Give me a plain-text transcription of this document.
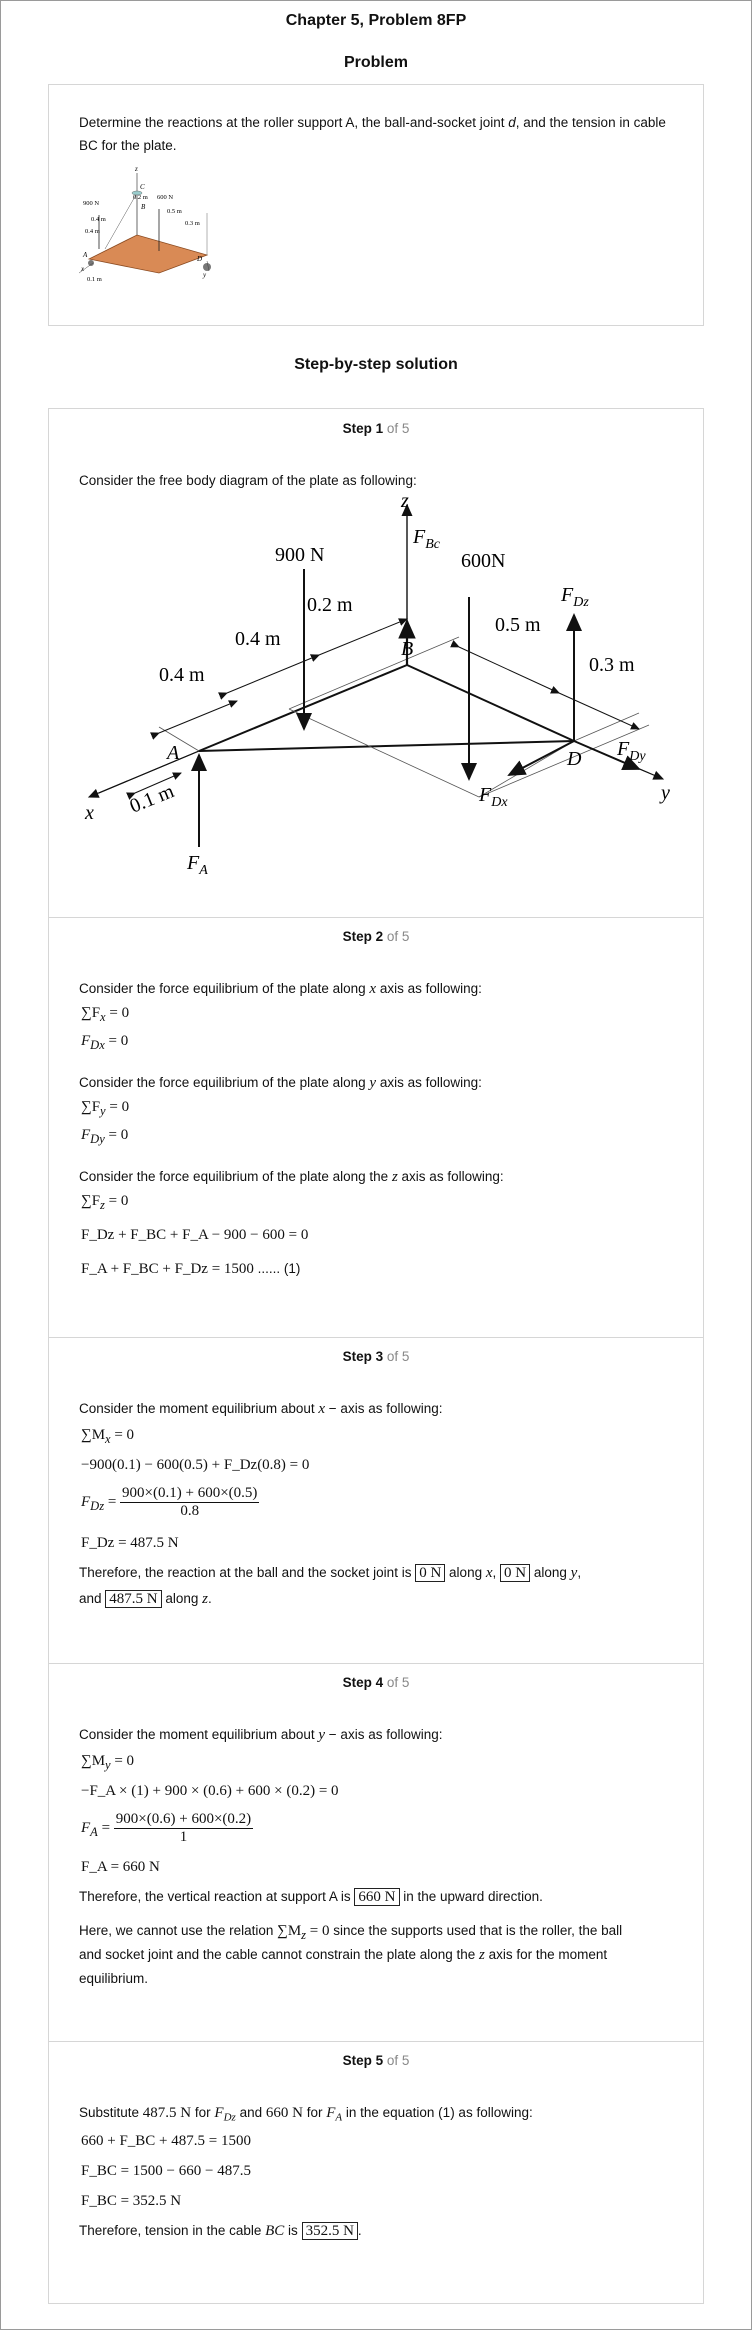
Chapter 5, Problem 8FP
Problem
Determine the reactions at the roller support A, the ball-and-socket joint d, and the tension in cable BC for the plate.
z
C
B
A	D
x
y
900 N
600 N
0.2 m
0.5 m
0.3 m
0.4 m
0.4 m
0.1 m
Step-by-step solution
Step 1 of 5
Consider the free body diagram of the plate as following:
z
$F_{Bc}$
900 N	600N
$F_{Dz}$
0.2 m
0.5 m
0.4 m	B
0.3 m
0.4 m
D $F_{Dy}$
A
$F_{Dx}$	y
x 0.1 m
$F_A$
Step 2 of 5
Consider the force equilibrium of the plate along x axis as following:
$\sum F_x = 0$
$F_{Dx} = 0$
Consider the force equilibrium of the plate along y axis as following:
$\sum F_y = 0$
$F_{Dy} = 0$
Consider the force equilibrium of the plate along the z axis as following:
$\sum F_z = 0$
F_Dz + F_BC + F_A − 900 − 600 = 0
F_A + F_BC + F_Dz = 1500 ...... (1)
Step 3 of 5
Consider the moment equilibrium about x − axis as following:
$\sum M_x = 0$
−900(0.1) − 600(0.5) + F_Dz(0.8) = 0
$F_{Dz} = \frac{900\times(0.1) + 600\times(0.5)}{0.8}$
F_Dz = 487.5 N
Therefore, the reaction at the ball and the socket joint is 0 N along x, 0 N along y,
and 487.5 N along z.
Step 4 of 5
Consider the moment equilibrium about y − axis as following:
$\sum M_y = 0$
−F_A × (1) + 900 × (0.6) + 600 × (0.2) = 0
$F_A = \frac{900\times(0.6) + 600\times(0.2)}{1}$
F_A = 660 N
Therefore, the vertical reaction at support A is 660 N in the upward direction.
Here, we cannot use the relation $\sum M_z = 0$ since the supports used that is the roller, the ball
and socket joint and the cable cannot constrain the plate along the z axis for the moment
equilibrium.
Step 5 of 5
Substitute 487.5 N for $F_{Dz}$ and 660 N for $F_A$ in the equation (1) as following:
660 + F_BC + 487.5 = 1500
F_BC = 1500 − 660 − 487.5
F_BC = 352.5 N
Therefore, tension in the cable BC is 352.5 N .
